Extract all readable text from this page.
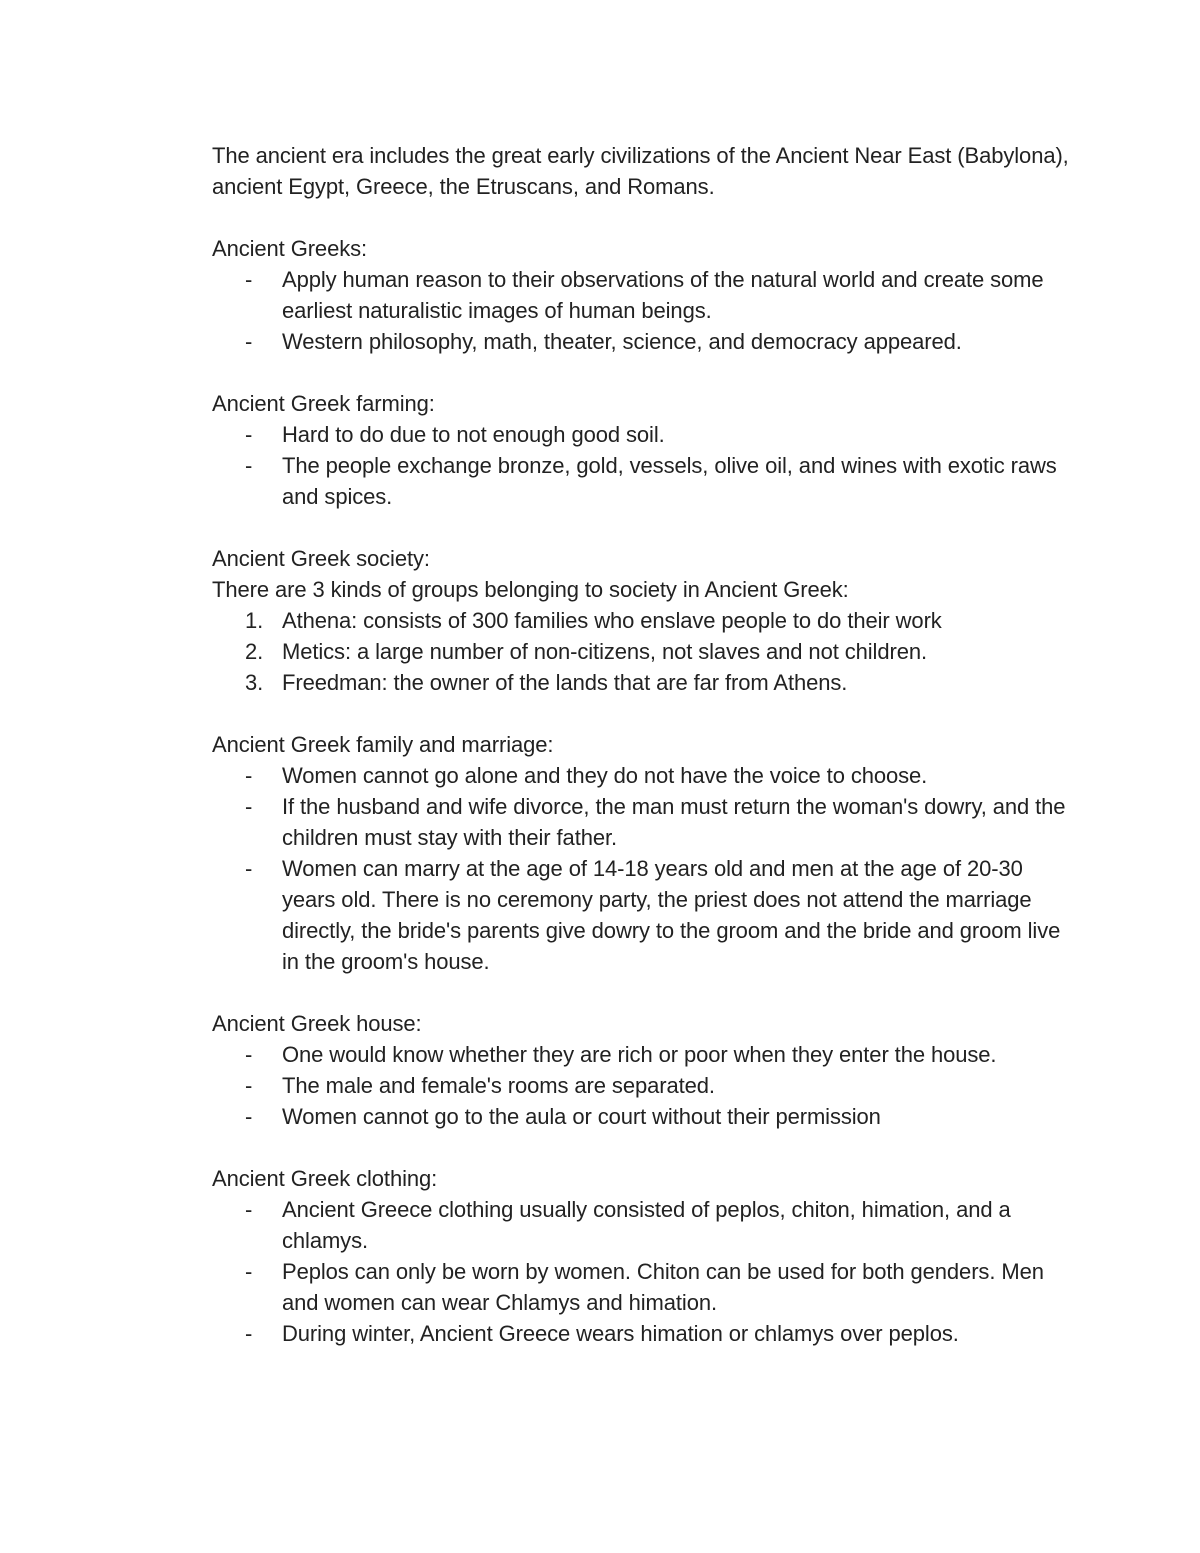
The ancient era includes the great early civilizations of the Ancient Near East (Babylona), ancient Egypt, Greece, the Etruscans, and Romans.

Ancient Greeks:

- Apply human reason to their observations of the natural world and create some earliest naturalistic images of human beings.
- Western philosophy, math, theater, science, and democracy appeared.

Ancient Greek farming:

- Hard to do due to not enough good soil.
- The people exchange bronze, gold, vessels, olive oil, and wines with exotic raws and spices.

Ancient Greek society:

There are 3 kinds of groups belonging to society in Ancient Greek:

1. Athena: consists of 300 families who enslave people to do their work
2. Metics: a large number of non-citizens, not slaves and not children.
3. Freedman: the owner of the lands that are far from Athens.

Ancient Greek family and marriage:

- Women cannot go alone and they do not have the voice to choose.
- If the husband and wife divorce, the man must return the woman's dowry, and the children must stay with their father.
- Women can marry at the age of 14-18 years old and men at the age of 20-30 years old. There is no ceremony party, the priest does not attend the marriage directly, the bride's parents give dowry to the groom and the bride and groom live in the groom's house.

Ancient Greek house:

- One would know whether they are rich or poor when they enter the house.
- The male and female's rooms are separated.
- Women cannot go to the aula or court without their permission

Ancient Greek clothing:

- Ancient Greece clothing usually consisted of peplos, chiton, himation, and a chlamys.
- Peplos can only be worn by women. Chiton can be used for both genders. Men and women can wear Chlamys and himation.
- During winter, Ancient Greece wears himation or chlamys over peplos.
